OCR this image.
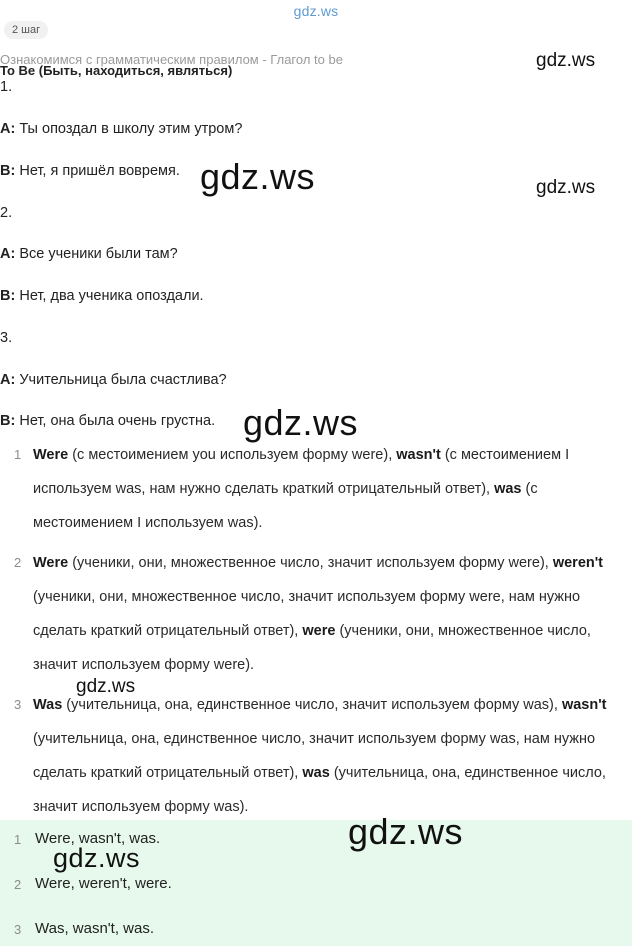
gdz.ws
2 шаг
Ознакомимся с грамматическим правилом - Глагол to be
To Be (Быть, находиться, являться)
1.
A: Ты опоздал в школу этим утром?
B: Нет, я пришёл вовремя.
2.
A: Все ученики были там?
B: Нет, два ученика опоздали.
3.
A: Учительница была счастлива?
B: Нет, она была очень грустна.
1 Were (с местоимением you используем форму were), wasn't (с местоимением I используем was, нам нужно сделать краткий отрицательный ответ), was (с местоимением I используем was).
2 Were (ученики, они, множественное число, значит используем форму were), weren't (ученики, они, множественное число, значит используем форму were, нам нужно сделать краткий отрицательный ответ), were (ученики, они, множественное число, значит используем форму were).
3 Was (учительница, она, единственное число, значит используем форму was), wasn't (учительница, она, единственное число, значит используем форму was, нам нужно сделать краткий отрицательный ответ), was (учительница, она, единственное число, значит используем форму was).
1 Were, wasn't, was.
2 Were, weren't, were.
3 Was, wasn't, was.
gdz.ws
gdz.ws	gdz.ws
gdz.ws
gdz.ws
gdz.ws
gdz.ws
